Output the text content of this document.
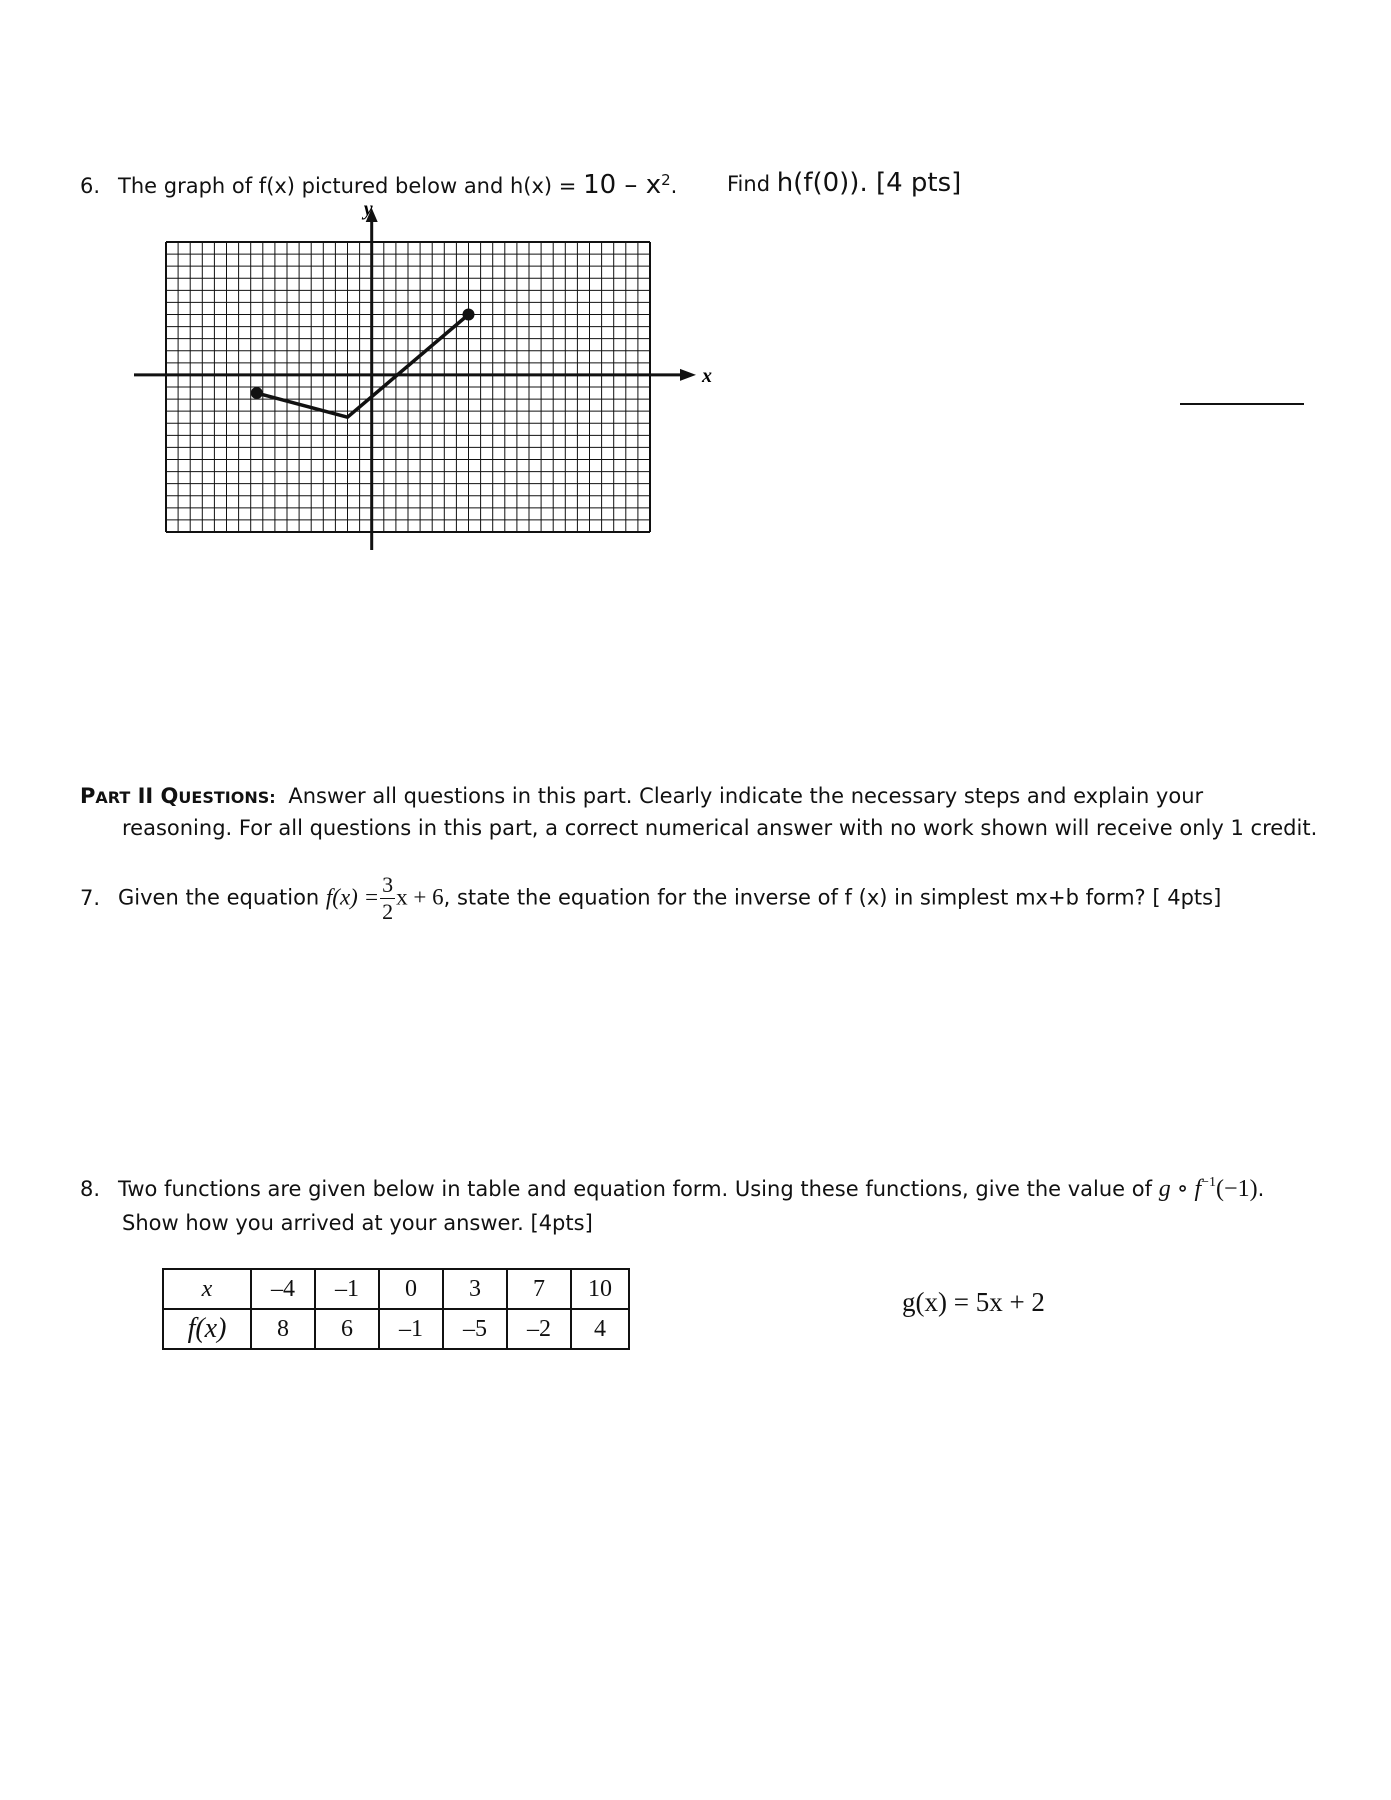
6. The graph of f(x) pictured below and $h(x) = 10 - x^2$. Find h(f(0)). [4 pts]
x
y
PART II QUESTIONS: Answer all questions in this part. Clearly indicate the necessary steps and explain your
reasoning. For all questions in this part, a correct numerical answer with no work shown will receive only 1 credit.
7. Given the equation $f(x) = \frac{3}{2}$ x + 6, state the equation for the inverse of f (x) in simplest mx+b form? [ 4pts]
8. Two functions are given below in table and equation form. Using these functions, give the value of g ∘ $f^{-1}(-1)$.
Show how you arrived at your answer. [4pts]
x	–4	–1	0	3	7	10
f(x)	8	6	–1	–5	–2	4
g(x) = 5x + 2
